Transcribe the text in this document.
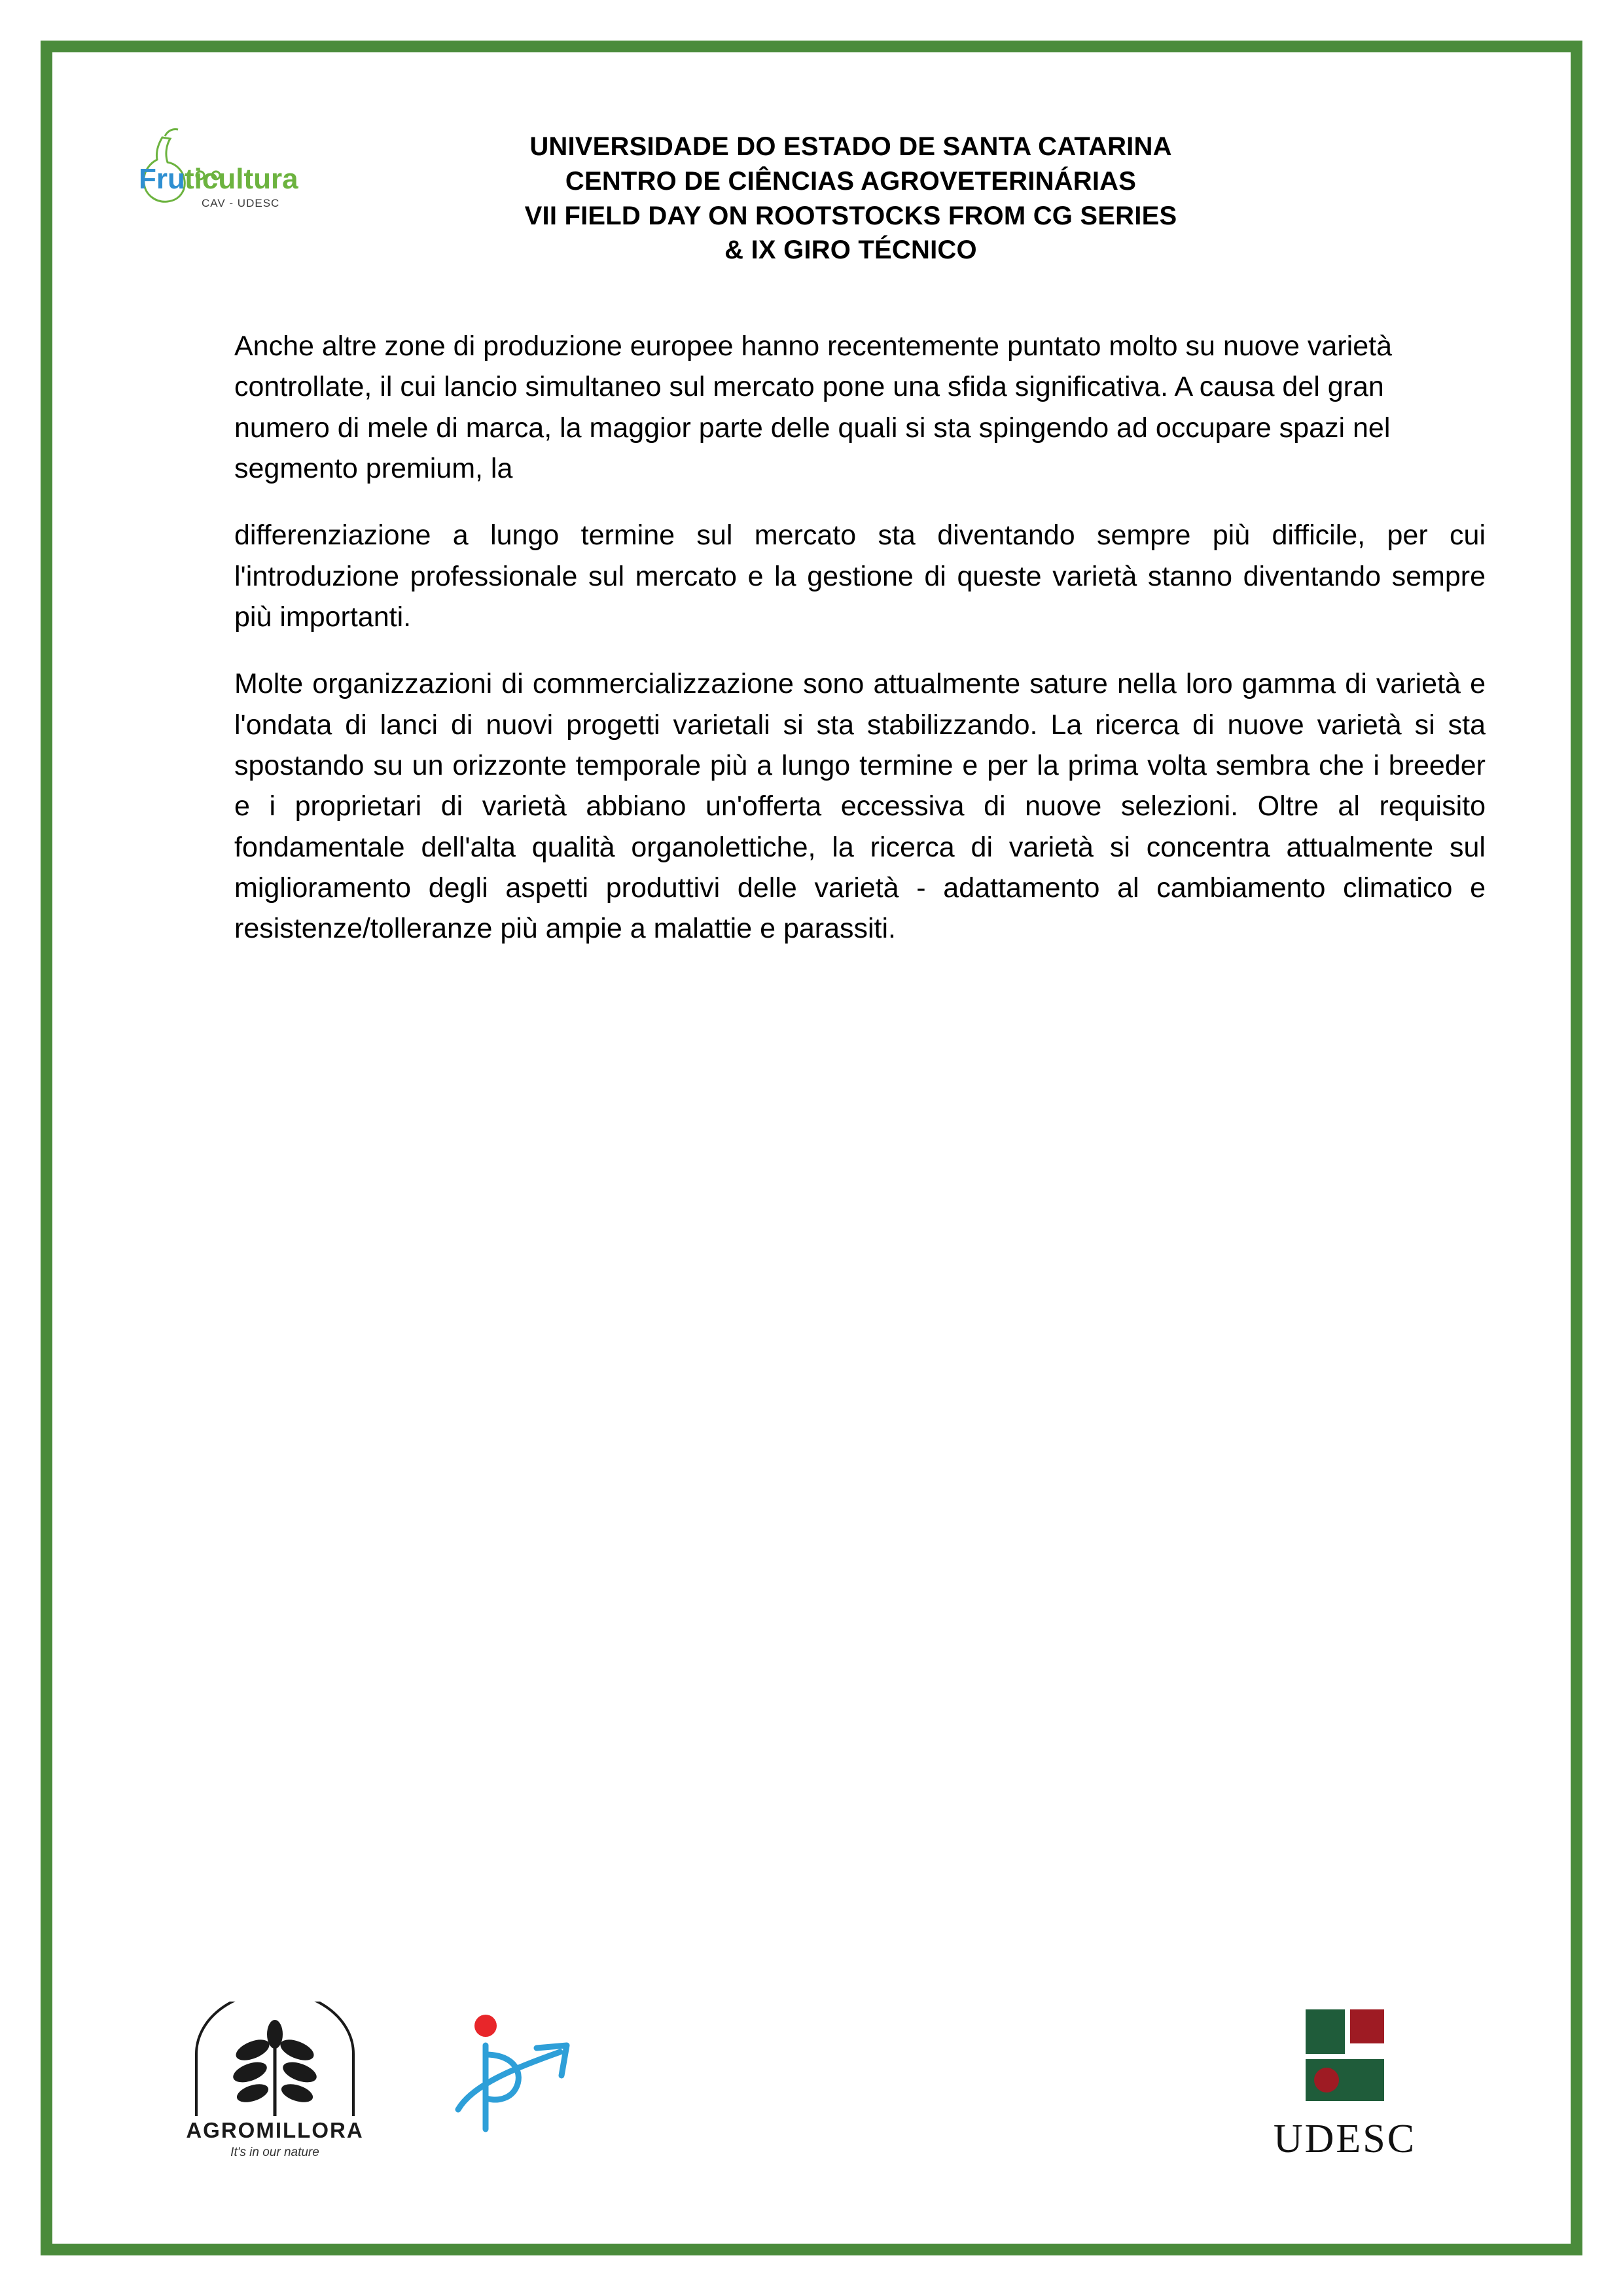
Fru ticultura
CAV - UDESC
UNIVERSIDADE DO ESTADO DE SANTA CATARINA
CENTRO DE CIÊNCIAS AGROVETERINÁRIAS
VII FIELD DAY ON ROOTSTOCKS FROM CG SERIES
& IX GIRO TÉCNICO

Anche altre zone di produzione europee hanno recentemente puntato molto su nuove varietà controllate, il cui lancio simultaneo sul mercato pone una sfida significativa. A causa del gran numero di mele di marca, la maggior parte delle quali si sta spingendo ad occupare spazi nel segmento premium, la

differenziazione a lungo termine sul mercato sta diventando sempre più difficile, per cui l'introduzione professionale sul mercato e la gestione di queste varietà stanno diventando sempre più importanti.

Molte organizzazioni di commercializzazione sono attualmente sature nella loro gamma di varietà e l'ondata di lanci di nuovi progetti varietali si sta stabilizzando. La ricerca di nuove varietà si sta spostando su un orizzonte temporale più a lungo termine e per la prima volta sembra che i breeder e i proprietari di varietà abbiano un'offerta eccessiva di nuove selezioni. Oltre al requisito fondamentale dell'alta qualità organolettiche, la ricerca di varietà si concentra attualmente sul miglioramento degli aspetti produttivi delle varietà - adattamento al cambiamento climatico e resistenze/tolleranze più ampie a malattie e parassiti.

AGROMILLORA
It's in our nature	UDESC
